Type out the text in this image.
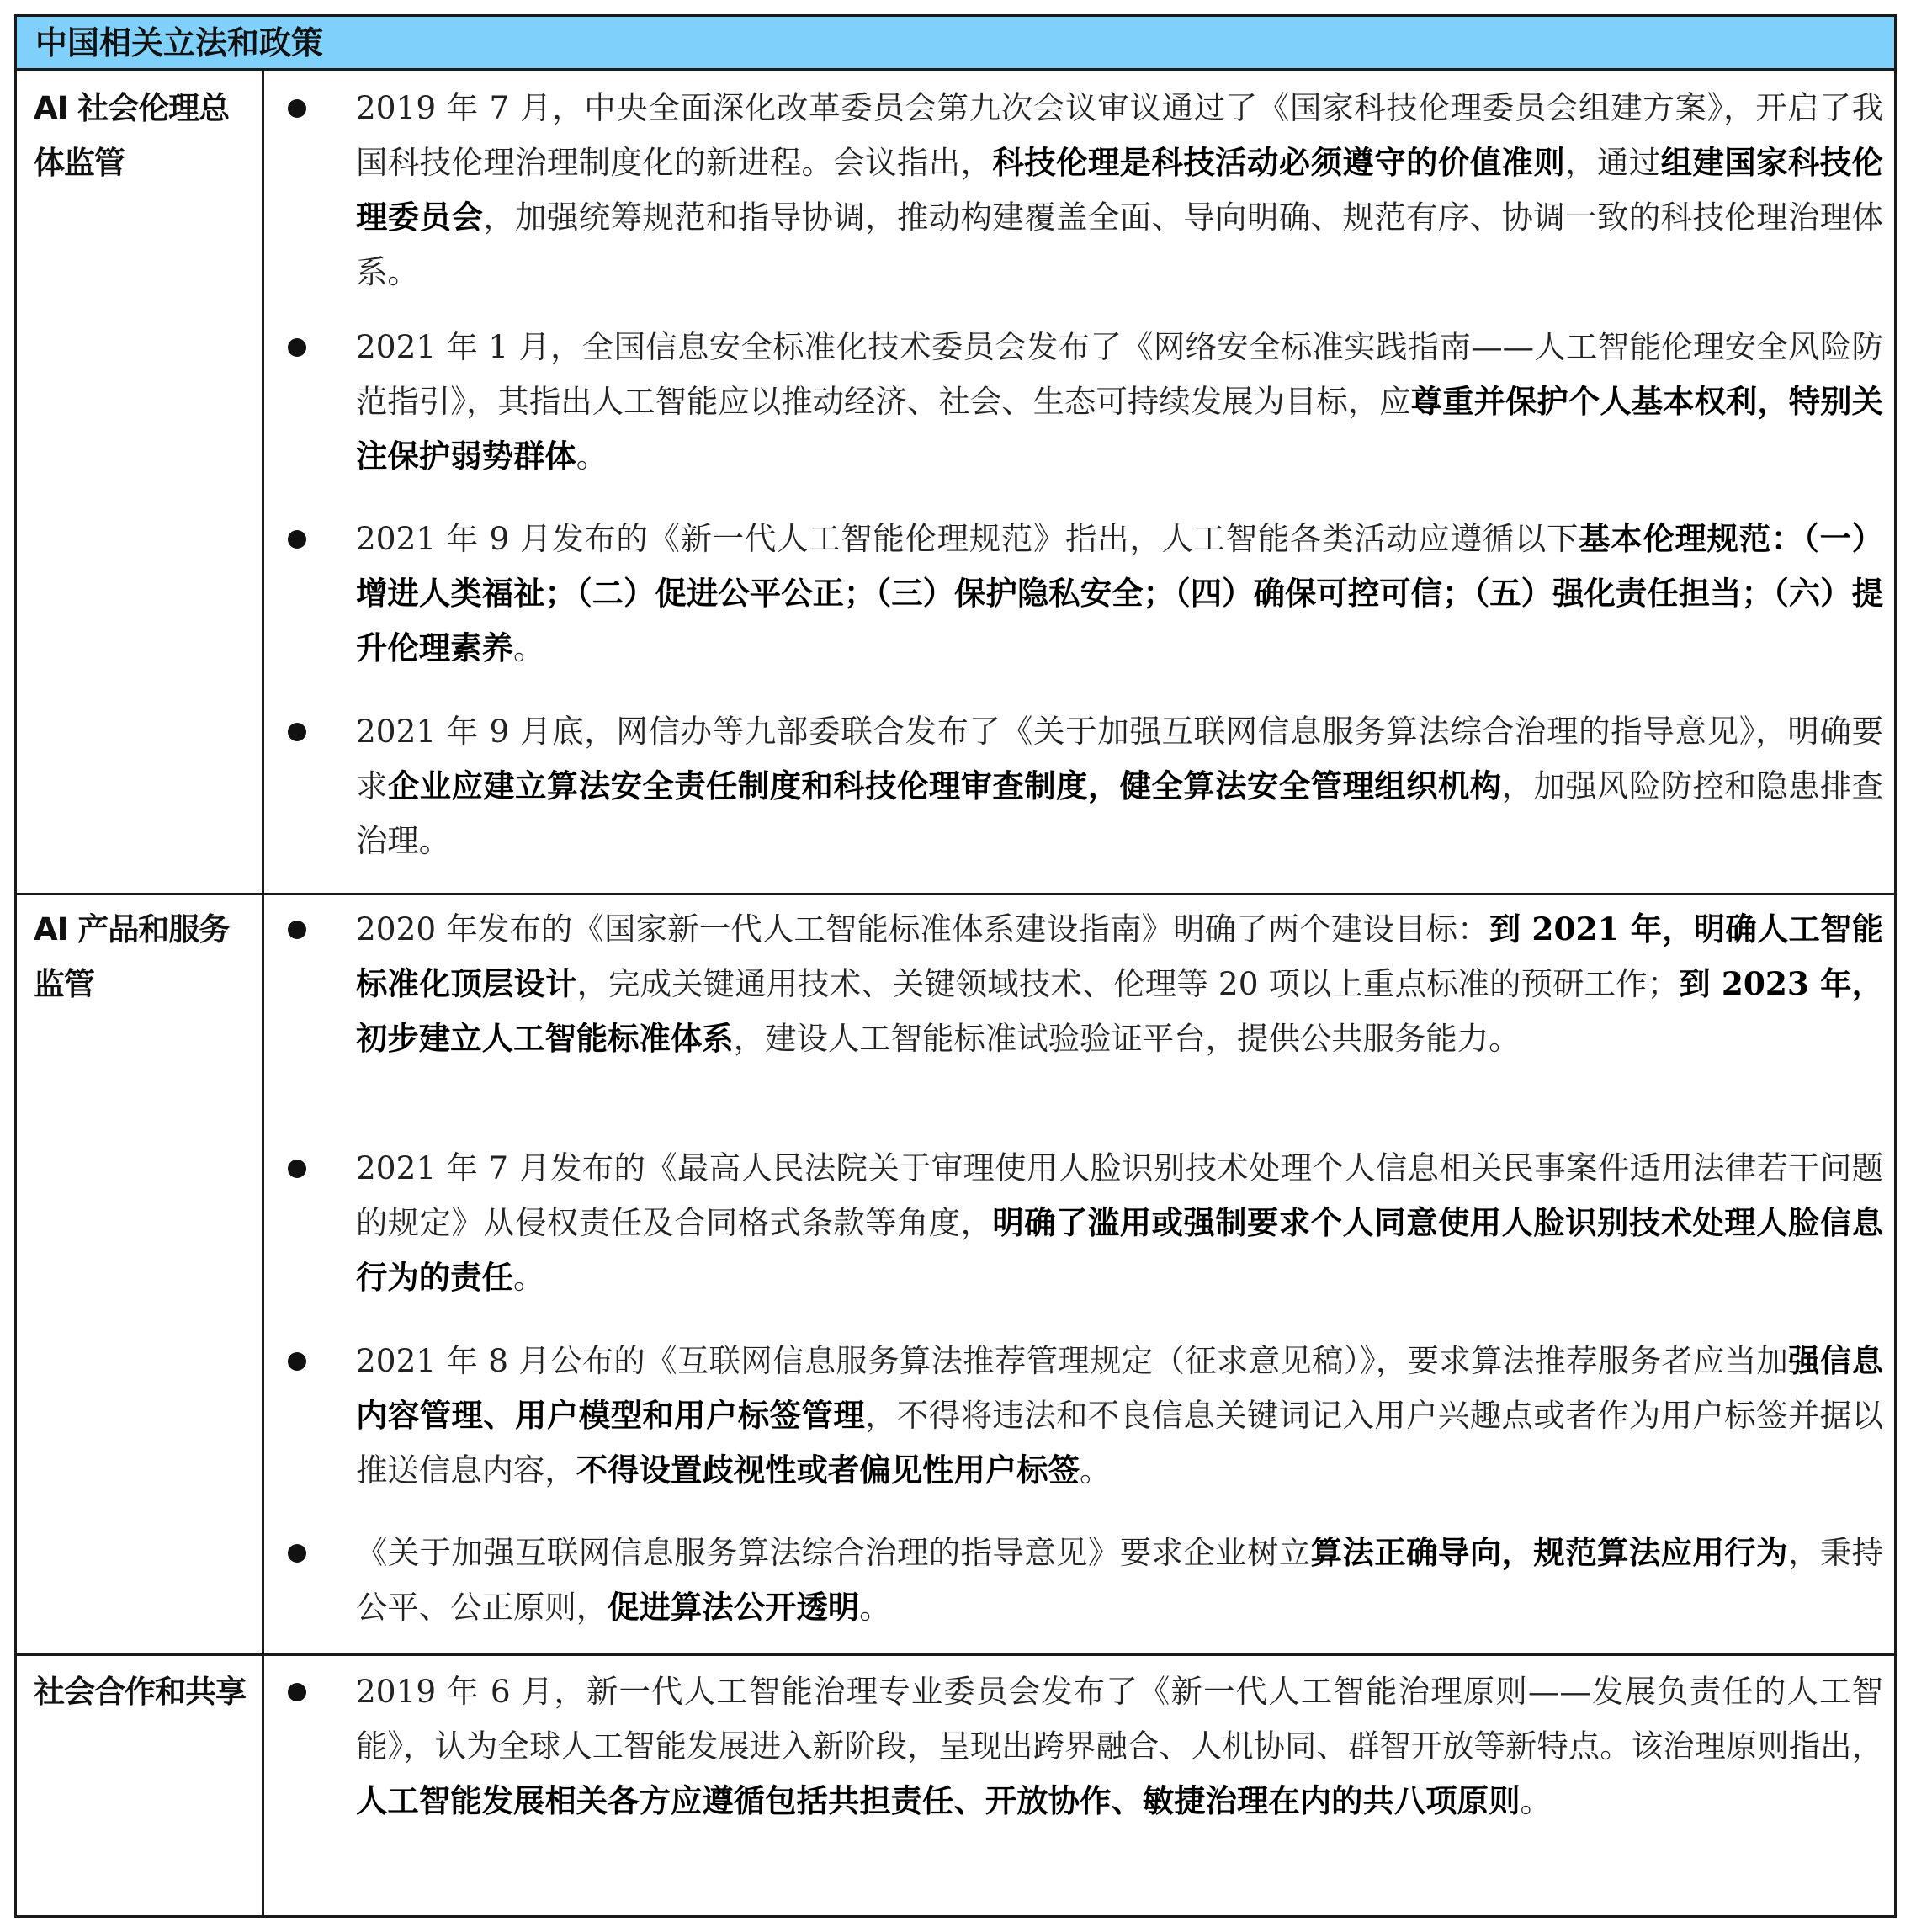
中国相关立法和政策
AI 社会伦理总体监管
2019 年 7 月，中央全面深化改革委员会第九次会议审议通过了《国家科技伦理委员会组建方案》，开启了我国科技伦理治理制度化的新进程。会议指出，科技伦理是科技活动必须遵守的价值准则，通过组建国家科技伦理委员会，加强统筹规范和指导协调，推动构建覆盖全面、导向明确、规范有序、协调一致的科技伦理治理体系。
2021 年 1 月，全国信息安全标准化技术委员会发布了《网络安全标准实践指南——人工智能伦理安全风险防范指引》，其指出人工智能应以推动经济、社会、生态可持续发展为目标，应尊重并保护个人基本权利，特别关注保护弱势群体。
2021 年 9 月发布的《新一代人工智能伦理规范》指出，人工智能各类活动应遵循以下基本伦理规范：（一）增进人类福祉；（二）促进公平公正；（三）保护隐私安全；（四）确保可控可信；（五）强化责任担当；（六）提升伦理素养。
2021 年 9 月底，网信办等九部委联合发布了《关于加强互联网信息服务算法综合治理的指导意见》，明确要求企业应建立算法安全责任制度和科技伦理审查制度，健全算法安全管理组织机构，加强风险防控和隐患排查治理。
AI 产品和服务监管
2020 年发布的《国家新一代人工智能标准体系建设指南》明确了两个建设目标：到 2021 年，明确人工智能标准化顶层设计，完成关键通用技术、关键领域技术、伦理等 20 项以上重点标准的预研工作；到 2023 年，初步建立人工智能标准体系，建设人工智能标准试验验证平台，提供公共服务能力。
2021 年 7 月发布的《最高人民法院关于审理使用人脸识别技术处理个人信息相关民事案件适用法律若干问题的规定》从侵权责任及合同格式条款等角度，明确了滥用或强制要求个人同意使用人脸识别技术处理人脸信息行为的责任。
2021 年 8 月公布的《互联网信息服务算法推荐管理规定（征求意见稿）》，要求算法推荐服务者应当加强信息内容管理、用户模型和用户标签管理，不得将违法和不良信息关键词记入用户兴趣点或者作为用户标签并据以推送信息内容，不得设置歧视性或者偏见性用户标签。
《关于加强互联网信息服务算法综合治理的指导意见》要求企业树立算法正确导向，规范算法应用行为，秉持公平、公正原则，促进算法公开透明。
社会合作和共享	2019 年 6 月，新一代人工智能治理专业委员会发布了《新一代人工智能治理原则——发展负责任的人工智能》，认为全球人工智能发展进入新阶段，呈现出跨界融合、人机协同、群智开放等新特点。该治理原则指出，人工智能发展相关各方应遵循包括共担责任、开放协作、敏捷治理在内的共八项原则。
